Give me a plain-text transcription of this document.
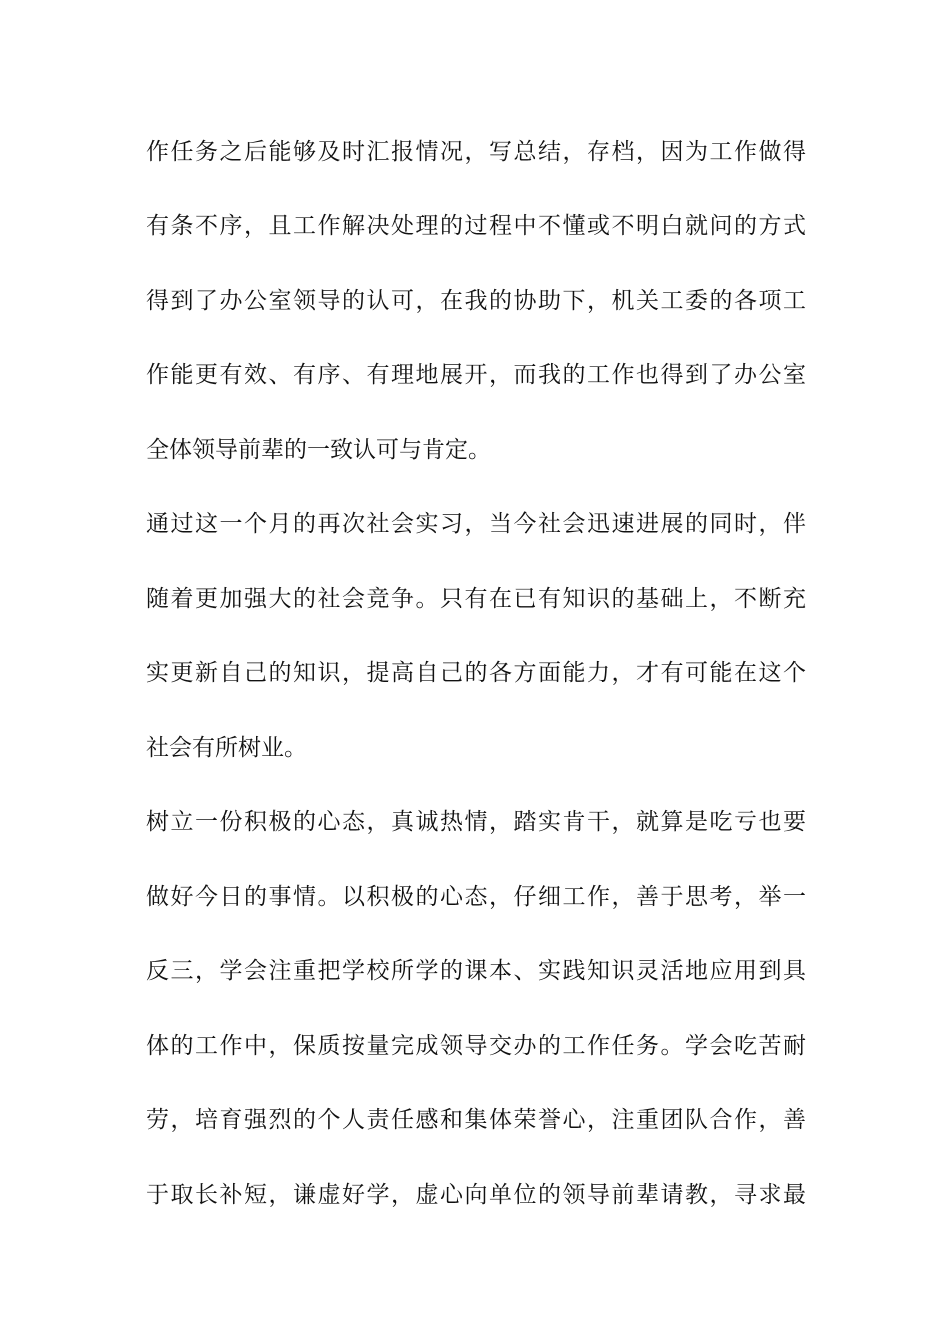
作任务之后能够及时汇报情况，写总结，存档，因为工作做得
有条不序，且工作解决处理的过程中不懂或不明白就问的方式
得到了办公室领导的认可，在我的协助下，机关工委的各项工
作能更有效、有序、有理地展开，而我的工作也得到了办公室
全体领导前辈的一致认可与肯定。
通过这一个月的再次社会实习，当今社会迅速进展的同时，伴
随着更加强大的社会竞争。只有在已有知识的基础上，不断充
实更新自己的知识，提高自己的各方面能力，才有可能在这个
社会有所树业。
树立一份积极的心态，真诚热情，踏实肯干，就算是吃亏也要
做好今日的事情。以积极的心态，仔细工作，善于思考，举一
反三，学会注重把学校所学的课本、实践知识灵活地应用到具
体的工作中，保质按量完成领导交办的工作任务。学会吃苦耐
劳，培育强烈的个人责任感和集体荣誉心，注重团队合作，善
于取长补短，谦虚好学，虚心向单位的领导前辈请教，寻求最
